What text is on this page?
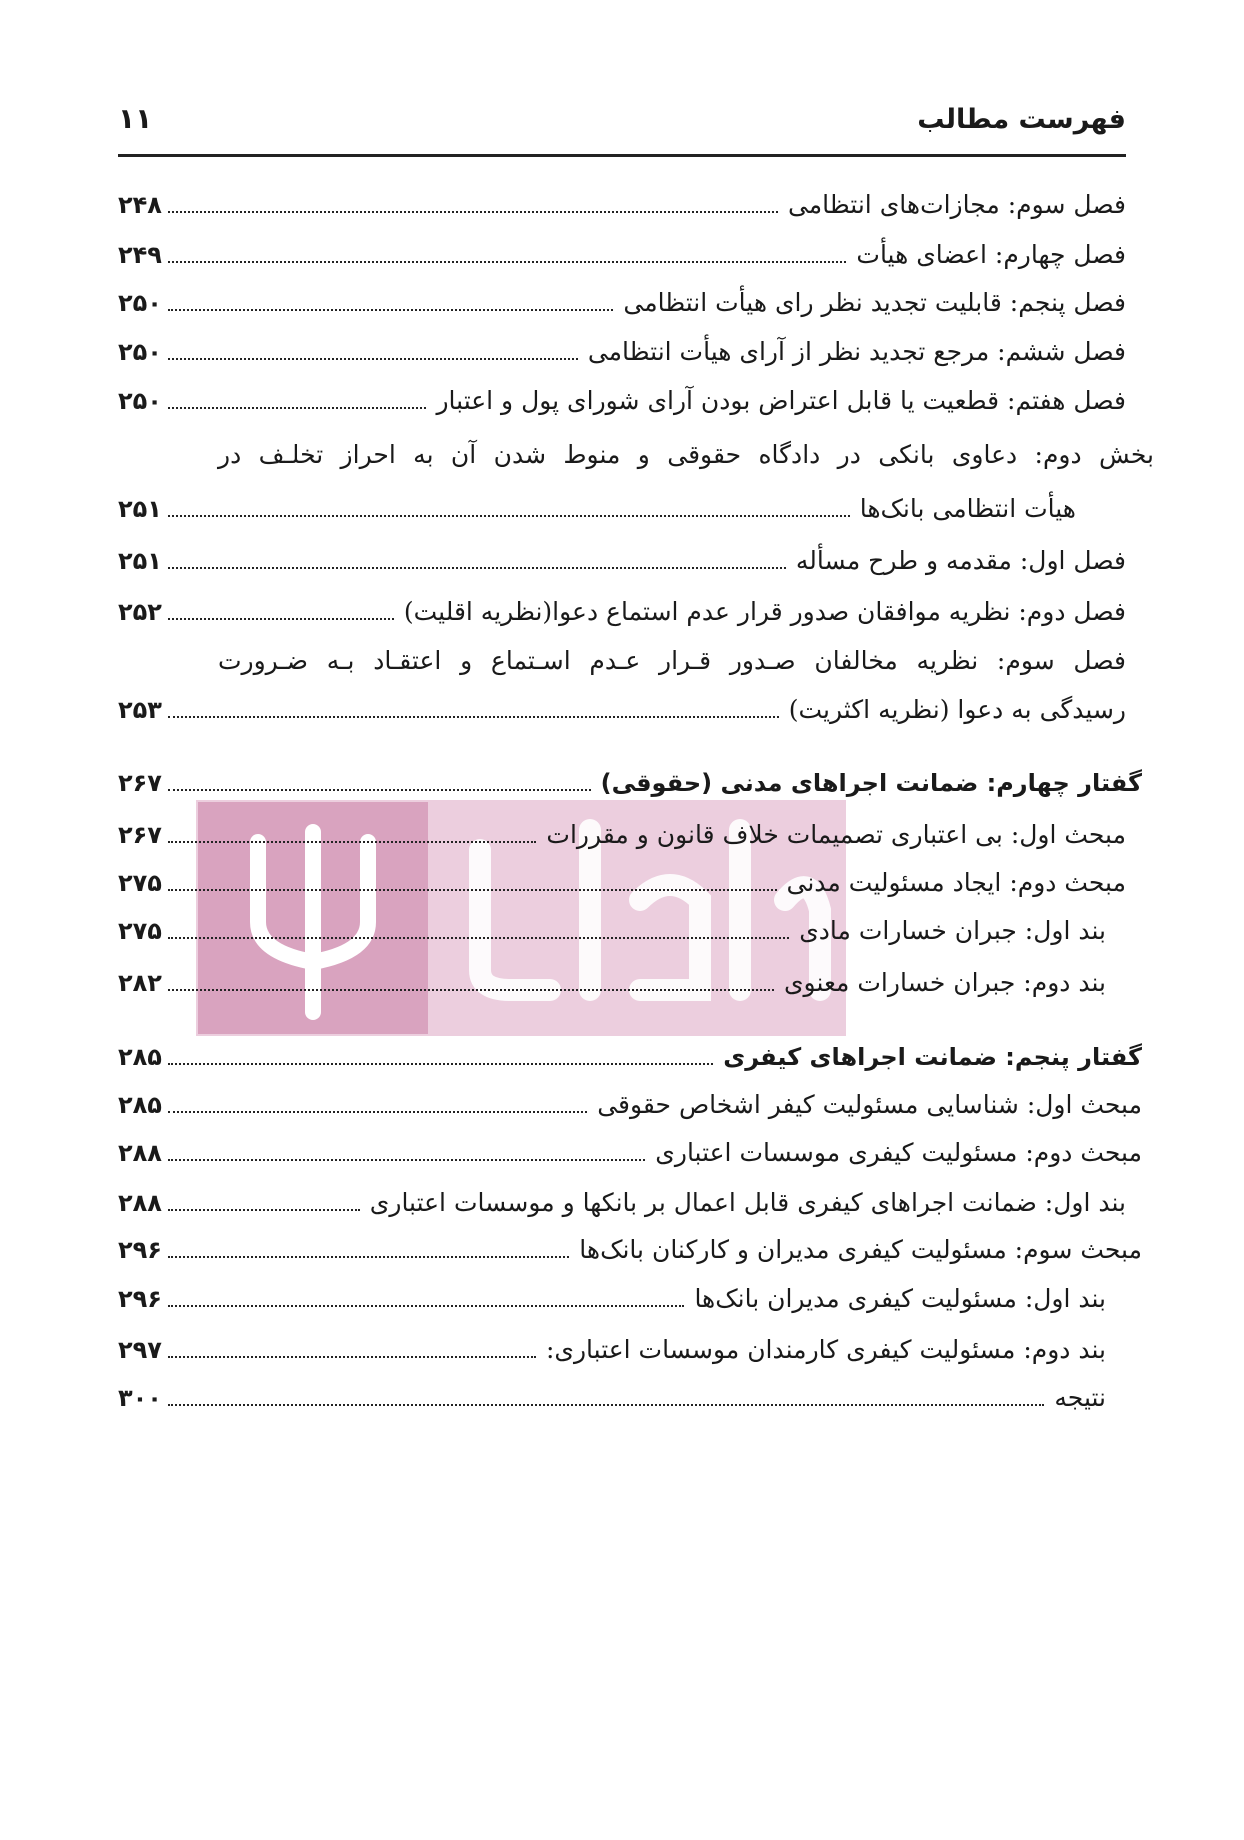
فهرست مطالب
۱۱
فصل سوم: مجازات‌های انتظامی
۲۴۸
فصل چهارم: اعضای هیأت
۲۴۹
فصل پنجم: قابلیت تجدید نظر رای هیأت انتظامی
۲۵۰
فصل ششم: مرجع تجدید نظر از آرای هیأت انتظامی
۲۵۰
فصل هفتم: قطعیت یا قابل اعتراض بودن آرای شورای پول و اعتبار
۲۵۰
بخش دوم: دعاوی بانکی در دادگاه حقوقی و منوط شدن آن به احراز تخلـف در
هیأت انتظامی بانک‌ها
۲۵۱
فصل اول: مقدمه و طرح مسأله
۲۵۱
فصل دوم: نظریه موافقان صدور قرار عدم استماع دعوا(نظریه اقلیت)
۲۵۲
فصل سوم: نظریه مخالفان صـدور قـرار عـدم اسـتماع و اعتقـاد بـه ضـرورت
رسیدگی به دعوا (نظریه اکثریت)
۲۵۳
گفتار چهارم: ضمانت اجراهای مدنی (حقوقی)
۲۶۷
مبحث اول: بی اعتباری تصمیمات خلاف قانون و مقررات
۲۶۷
مبحث دوم: ایجاد مسئولیت مدنی
۲۷۵
بند اول: جبران خسارات مادی
۲۷۵
بند دوم: جبران خسارات معنوی
۲۸۲
گفتار پنجم: ضمانت اجراهای کیفری
۲۸۵
مبحث اول: شناسایی مسئولیت کیفر اشخاص حقوقی
۲۸۵
مبحث دوم: مسئولیت کیفری موسسات اعتباری
۲۸۸
بند اول: ضمانت اجراهای کیفری قابل اعمال بر بانکها و موسسات اعتباری
۲۸۸
مبحث سوم: مسئولیت کیفری مدیران و کارکنان بانک‌ها
۲۹۶
بند اول: مسئولیت کیفری مدیران بانک‌ها
۲۹۶
بند دوم: مسئولیت کیفری کارمندان موسسات اعتباری:
۲۹۷
نتیجه
۳۰۰
